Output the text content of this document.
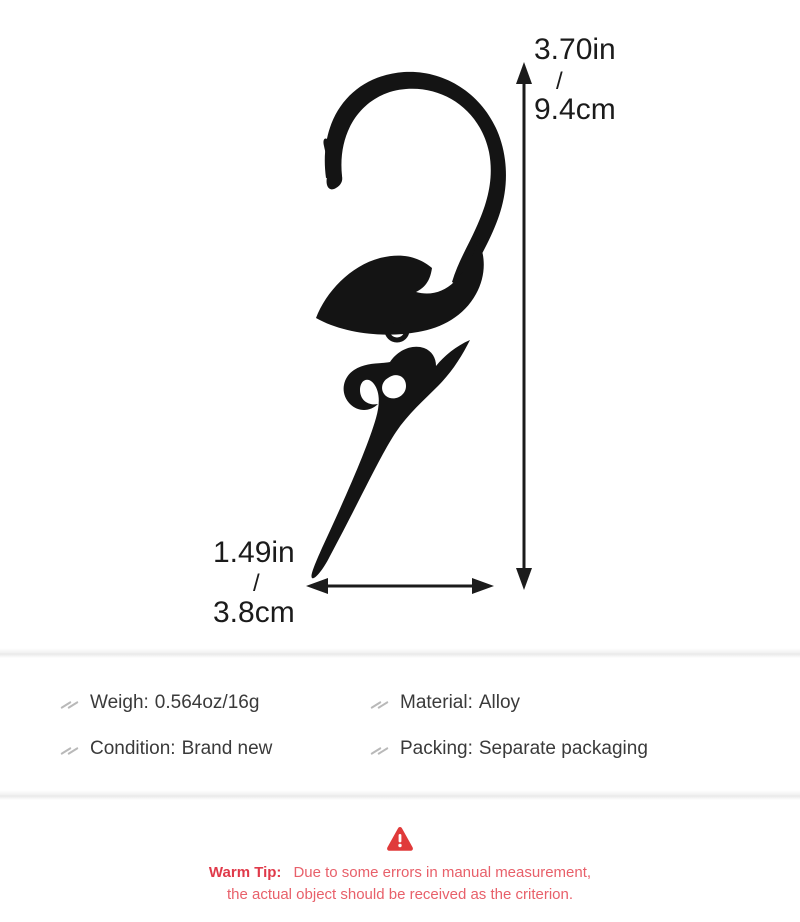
3.70in
/
9.4cm
1.49in
/
3.8cm
Weigh: 0.564oz/16g	Material: Alloy
Condition: Brand new	Packing: Separate packaging
Warm Tip: Due to some errors in manual measurement,
the actual object should be received as the criterion.
